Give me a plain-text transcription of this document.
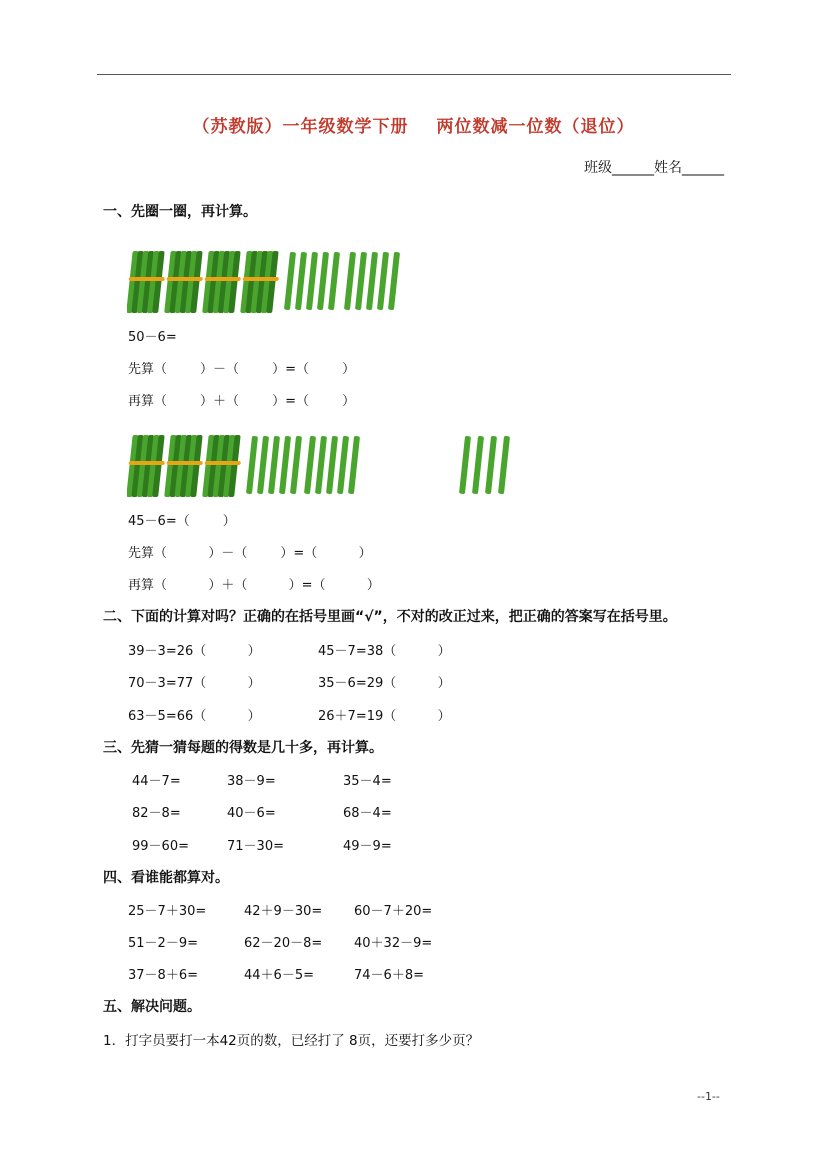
（苏教版）一年级数学下册 两位数减一位数（退位）
班级______姓名______
一、先圈一圈，再计算。
50－6=
先算（        ）－（        ）=（        ）
再算（        ）＋（        ）=（        ）
45－6=（        ）
先算（          ）－（        ）=（          ）
再算（          ）＋（          ）=（          ）
二、下面的计算对吗？正确的在括号里画“√”，不对的改正过来，把正确的答案写在括号里。
39－3=26（          ）	45－7=38（          ）
70－3=77（          ）	35－6=29（          ）
63－5=66（          ）	26＋7=19（          ）
三、先猜一猜每题的得数是几十多，再计算。
44－7=	38－9=	35－4=
82－8=	40－6=	68－4=
99－60=	71－30=	49－9=
四、看谁能都算对。
25－7＋30=	42＋9－30= 60－7＋20=
51－2－9=	62－20－8= 40＋32－9=
37－8＋6=	44＋6－5=	74－6＋8=
五、解决问题。
1．打字员要打一本42页的数，已经打了 8页，还要打多少页？
--1--
